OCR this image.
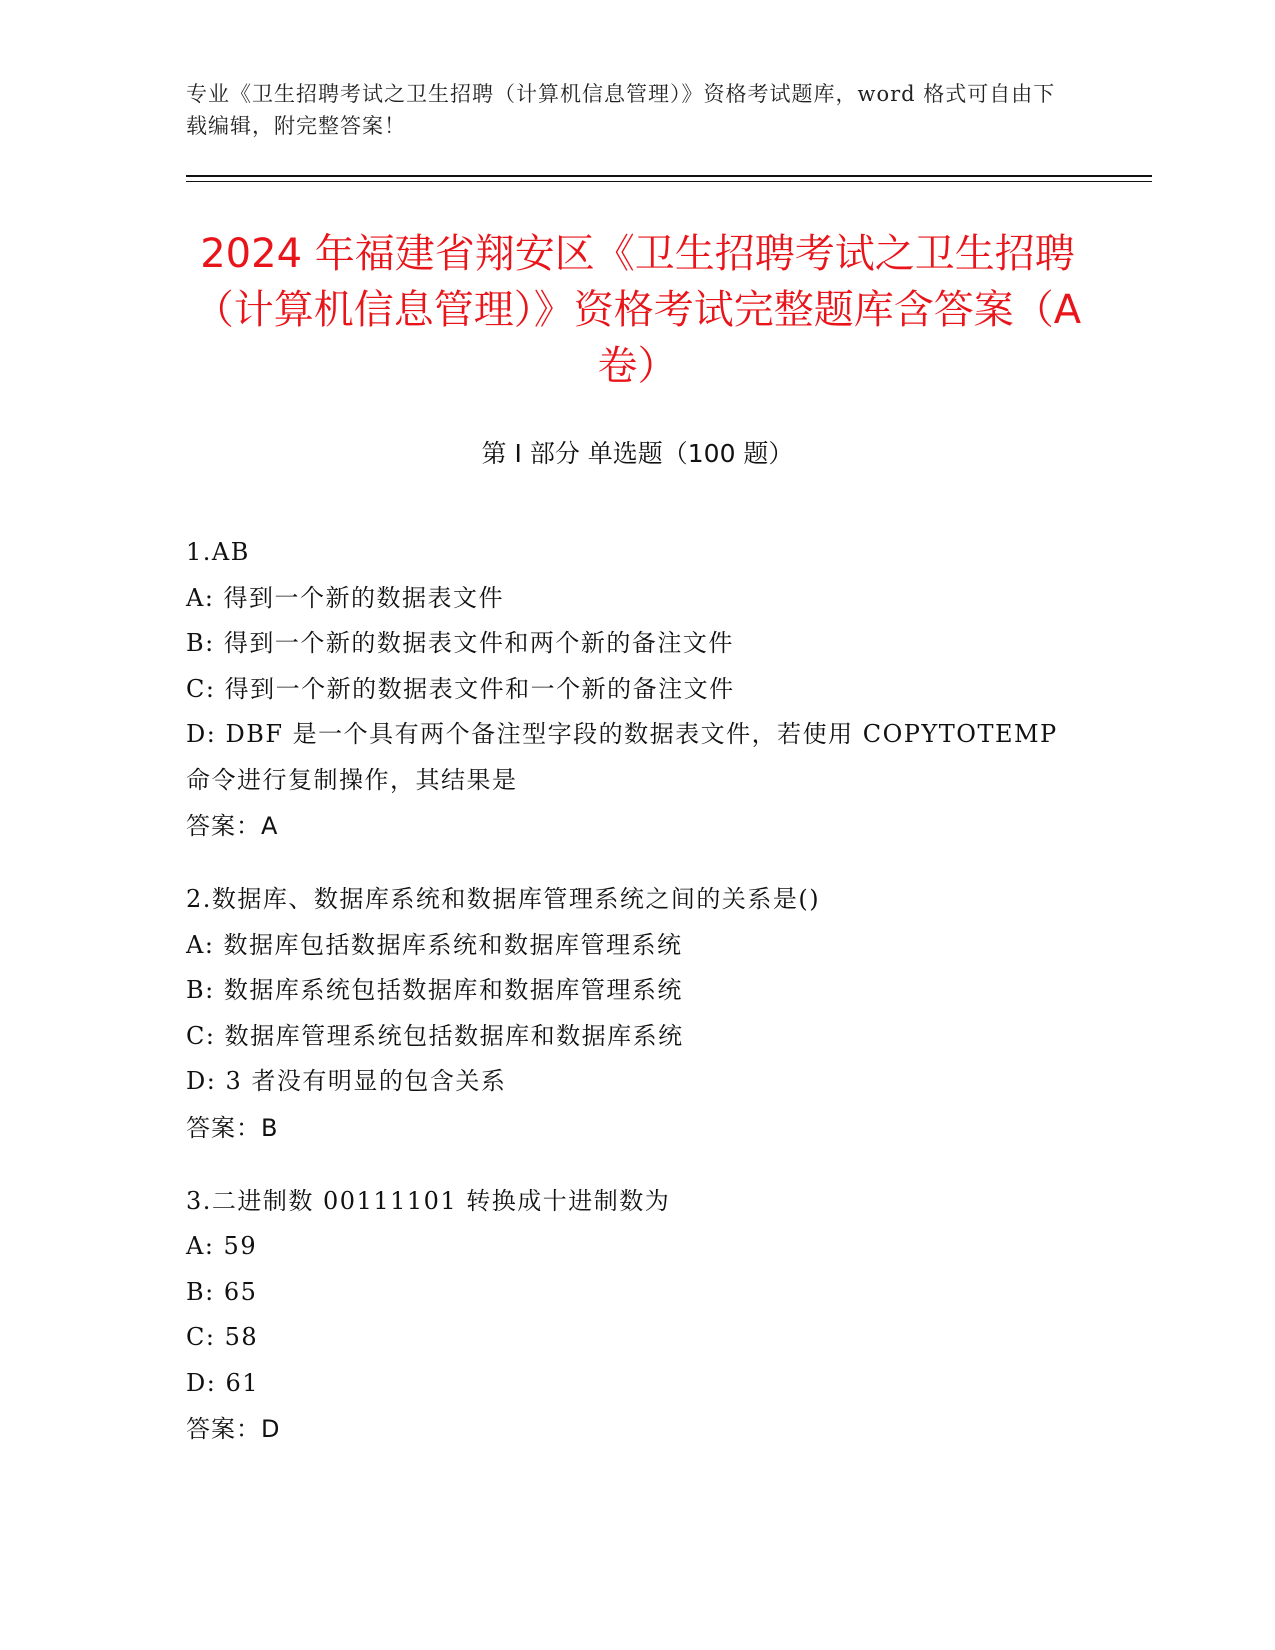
专业《卫生招聘考试之卫生招聘（计算机信息管理）》资格考试题库，word 格式可自由下载编辑，附完整答案！
2024 年福建省翔安区《卫生招聘考试之卫生招聘（计算机信息管理）》资格考试完整题库含答案（A 卷）
第 I 部分 单选题（100 题）
1.AB
A: 得到一个新的数据表文件
B: 得到一个新的数据表文件和两个新的备注文件
C: 得到一个新的数据表文件和一个新的备注文件
D: DBF 是一个具有两个备注型字段的数据表文件，若使用 COPYTOTEMP 命令进行复制操作，其结果是
答案：A
2.数据库、数据库系统和数据库管理系统之间的关系是()
A: 数据库包括数据库系统和数据库管理系统
B: 数据库系统包括数据库和数据库管理系统
C: 数据库管理系统包括数据库和数据库系统
D: 3 者没有明显的包含关系
答案：B
3.二进制数 00111101 转换成十进制数为
A: 59
B: 65
C: 58
D: 61
答案：D
